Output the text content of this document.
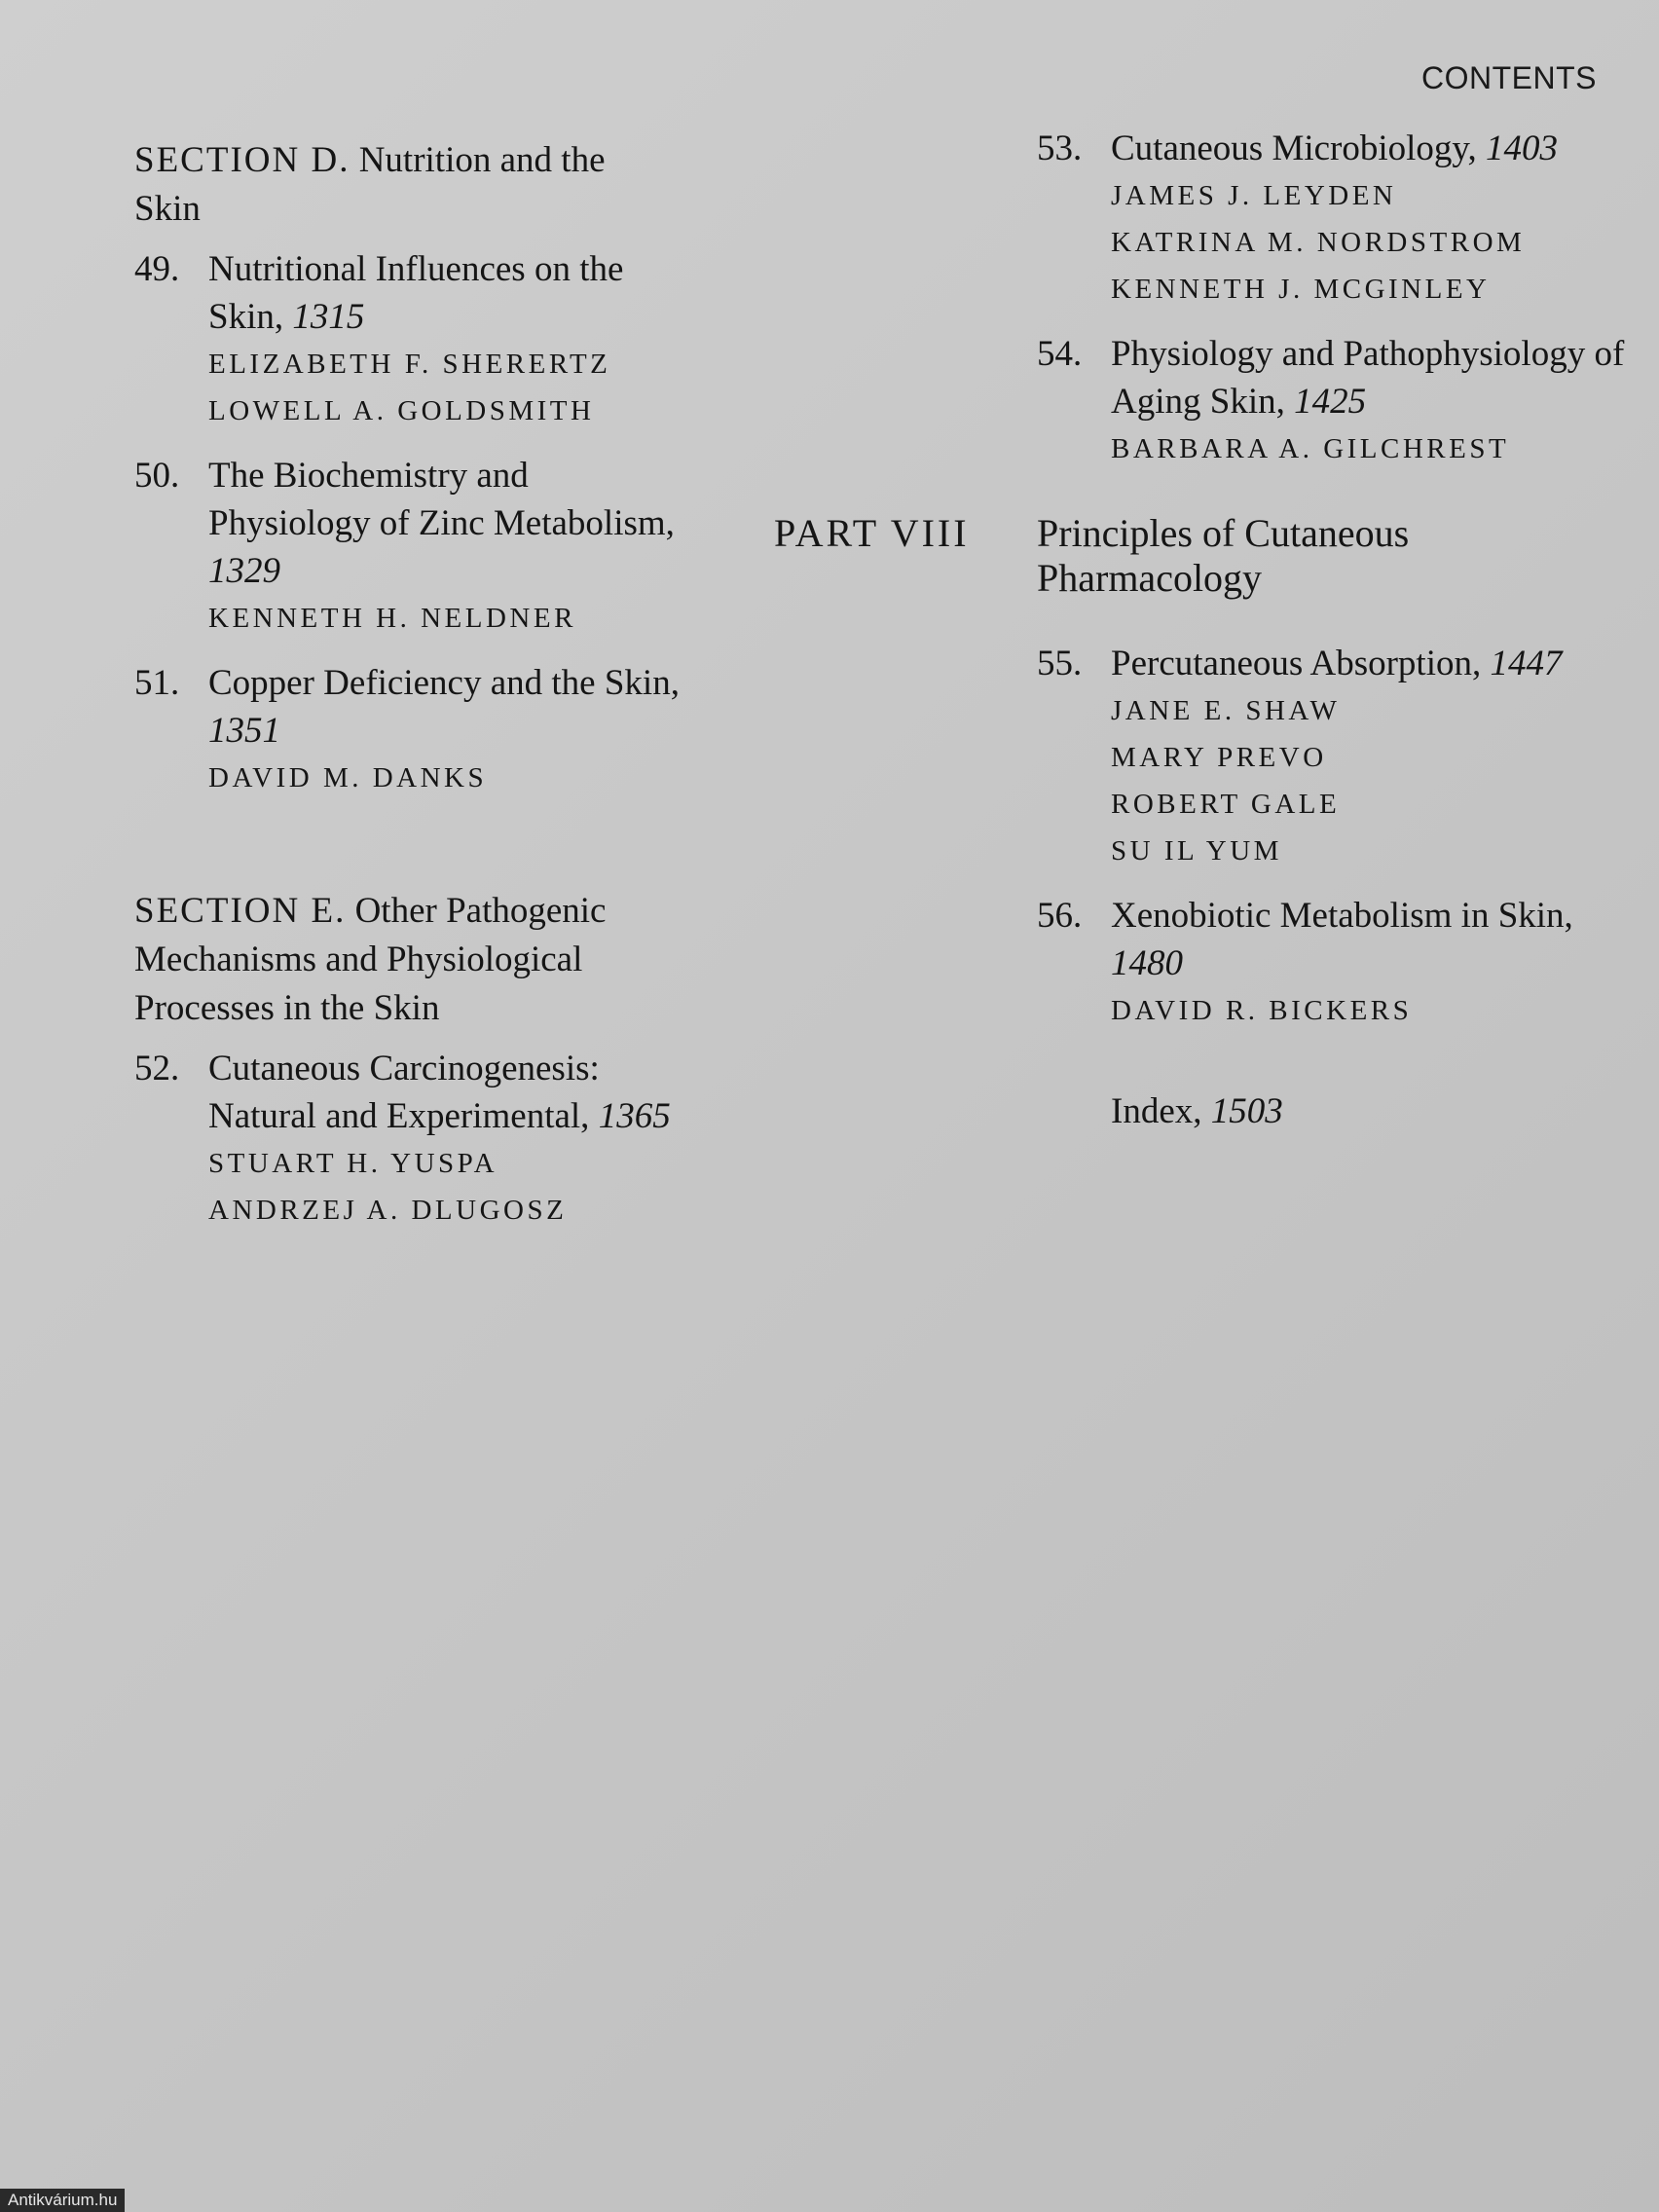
CONTENTS
SECTION D. Nutrition and the Skin
49. Nutritional Influences on the Skin, 1315
ELIZABETH F. SHERERTZ
LOWELL A. GOLDSMITH
50. The Biochemistry and Physiology of Zinc Metabolism, 1329
KENNETH H. NELDNER
51. Copper Deficiency and the Skin, 1351
DAVID M. DANKS
SECTION E. Other Pathogenic Mechanisms and Physiological Processes in the Skin
52. Cutaneous Carcinogenesis: Natural and Experimental, 1365
STUART H. YUSPA
ANDRZEJ A. DLUGOSZ
53. Cutaneous Microbiology, 1403
JAMES J. LEYDEN
KATRINA M. NORDSTROM
KENNETH J. MCGINLEY
54. Physiology and Pathophysiology of Aging Skin, 1425
BARBARA A. GILCHREST
PART VIII Principles of Cutaneous Pharmacology
55. Percutaneous Absorption, 1447
JANE E. SHAW
MARY PREVO
ROBERT GALE
SU IL YUM
56. Xenobiotic Metabolism in Skin, 1480
DAVID R. BICKERS
Index, 1503
Antikvárium.hu
